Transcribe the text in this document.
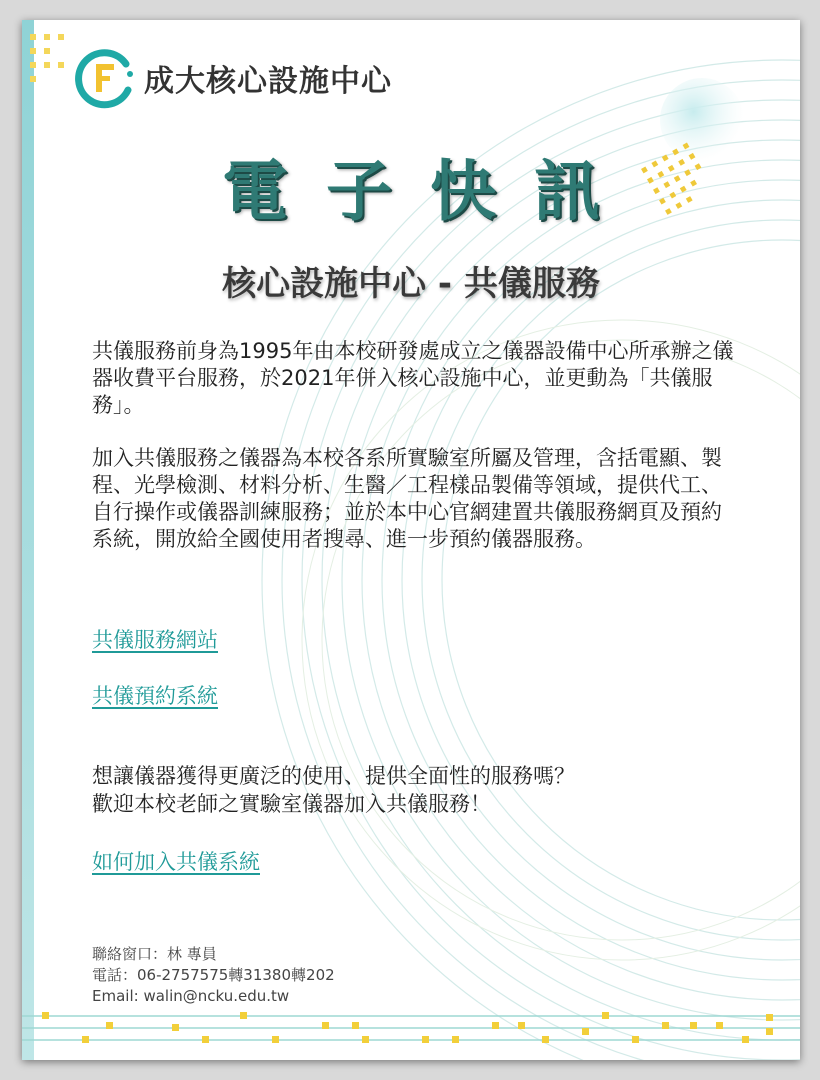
成大核心設施中心
電子快訊
核心設施中心 - 共儀服務

共儀服務前身為1995年由本校研發處成立之儀器設備中心所承辦之儀器收費平台服務，於2021年併入核心設施中心，並更動為「共儀服務」。

加入共儀服務之儀器為本校各系所實驗室所屬及管理，含括電顯、製程、光學檢測、材料分析、生醫／工程樣品製備等領域，提供代工、自行操作或儀器訓練服務；並於本中心官網建置共儀服務網頁及預約系統，開放給全國使用者搜尋、進一步預約儀器服務。

共儀服務網站
共儀預約系統
想讓儀器獲得更廣泛的使用、提供全面性的服務嗎？
歡迎本校老師之實驗室儀器加入共儀服務！
如何加入共儀系統
聯絡窗口：林 專員
電話：06-2757575轉31380轉202
Email: walin@ncku.edu.tw
